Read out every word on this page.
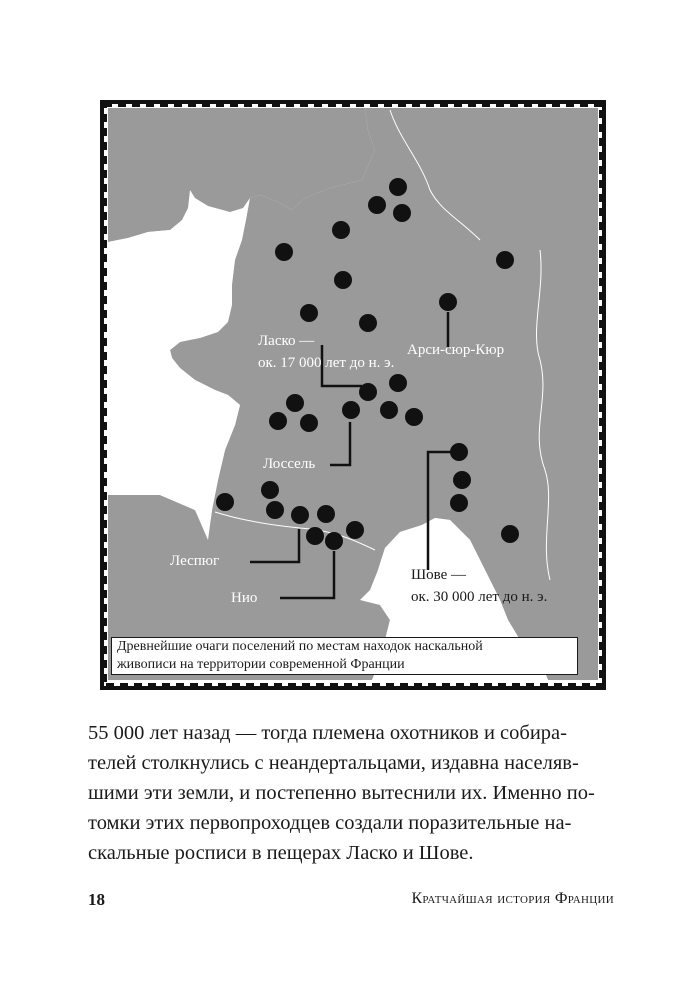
Ласко —
ок. 17 000 лет до н. э.
Арси-сюр-Кюр
Лоссель
Леспюг
Нио
Шове —
ок. 30 000 лет до н. э.
Древнейшие очаги поселений по местам находок наскальной
живописи на территории современной Франции
55 000 лет назад — тогда племена охотников и собира-
телей столкнулись с неандертальцами, издавна населяв-
шими эти земли, и постепенно вытеснили их. Именно по-
томки этих первопроходцев создали поразительные на-
скальные росписи в пещерах Ласко и Шове.
18	Кратчайшая история Франции
